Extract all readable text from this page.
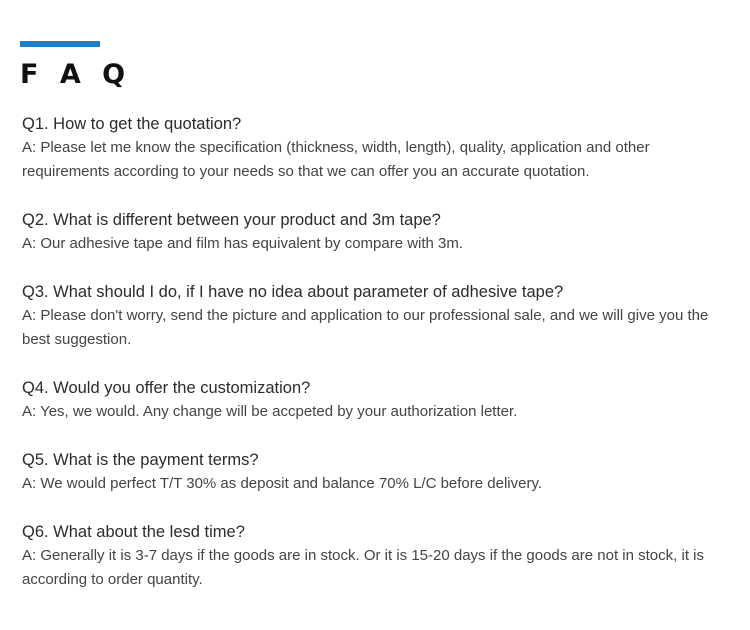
F A Q

Q1. How to get the quotation?

A: Please let me know the specification (thickness, width, length), quality, application and other requirements according to your needs so that we can offer you an accurate quotation.

Q2. What is different between your product and 3m tape?

A: Our adhesive tape and film has equivalent by compare with 3m.

Q3. What should I do, if I have no idea about parameter of adhesive tape?

A: Please don't worry, send the picture and application to our professional sale, and we will give you the best suggestion.

Q4. Would you offer the customization?

A: Yes, we would. Any change will be accpeted by your authorization letter.

Q5. What is the payment terms?

A: We would perfect T/T 30% as deposit and balance 70% L/C before delivery.

Q6. What about the lesd time?

A: Generally it is 3-7 days if the goods are in stock. Or it is 15-20 days if the goods are not in stock, it is according to order quantity.
